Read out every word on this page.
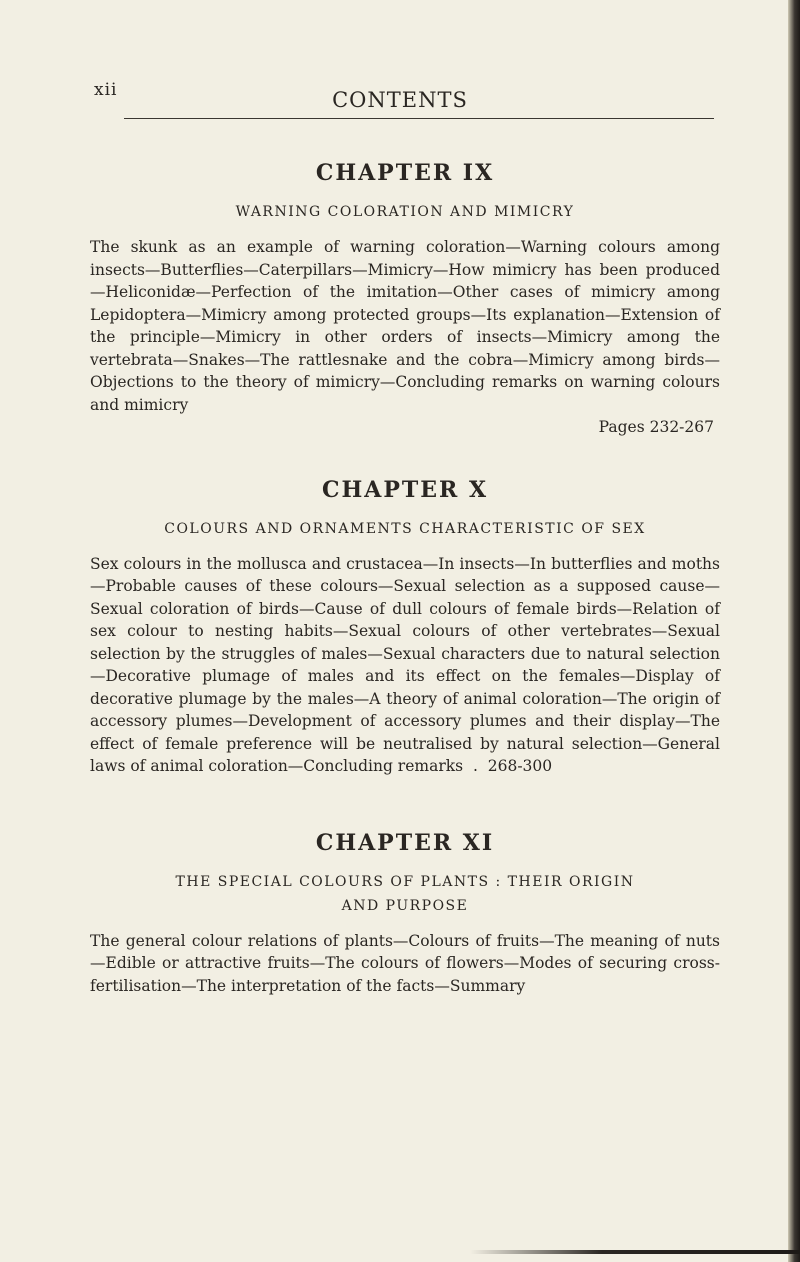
xii	CONTENTS
CHAPTER IX
WARNING COLORATION AND MIMICRY

The skunk as an example of warning coloration—Warning colours among insects—Butterflies—Caterpillars—Mimicry—How mimicry has been produced—Heliconidæ—Perfection of the imitation—Other cases of mimicry among Lepidoptera—Mimicry among protected groups—Its explanation—Extension of the principle—Mimicry in other orders of insects—Mimicry among the vertebrata—Snakes—The rattlesnake and the cobra—Mimicry among birds—Objections to the theory of mimicry—Concluding remarks on warning colours and mimicry

Pages 232-267

CHAPTER X
COLOURS AND ORNAMENTS CHARACTERISTIC OF SEX

Sex colours in the mollusca and crustacea—In insects—In butterflies and moths—Probable causes of these colours—Sexual selection as a supposed cause—Sexual coloration of birds—Cause of dull colours of female birds—Relation of sex colour to nesting habits—Sexual colours of other vertebrates—Sexual selection by the struggles of males—Sexual characters due to natural selection—Decorative plumage of males and its effect on the females—Display of decorative plumage by the males—A theory of animal coloration—The origin of accessory plumes—Development of accessory plumes and their display—The effect of female preference will be neutralised by natural selection—General laws of animal coloration—Concluding remarks  .  268-300

CHAPTER XI
THE SPECIAL COLOURS OF PLANTS : THEIR ORIGIN
AND PURPOSE

The general colour relations of plants—Colours of fruits—The meaning of nuts—Edible or attractive fruits—The colours of flowers—Modes of securing cross-fertilisation—The interpretation of the facts—Summary
